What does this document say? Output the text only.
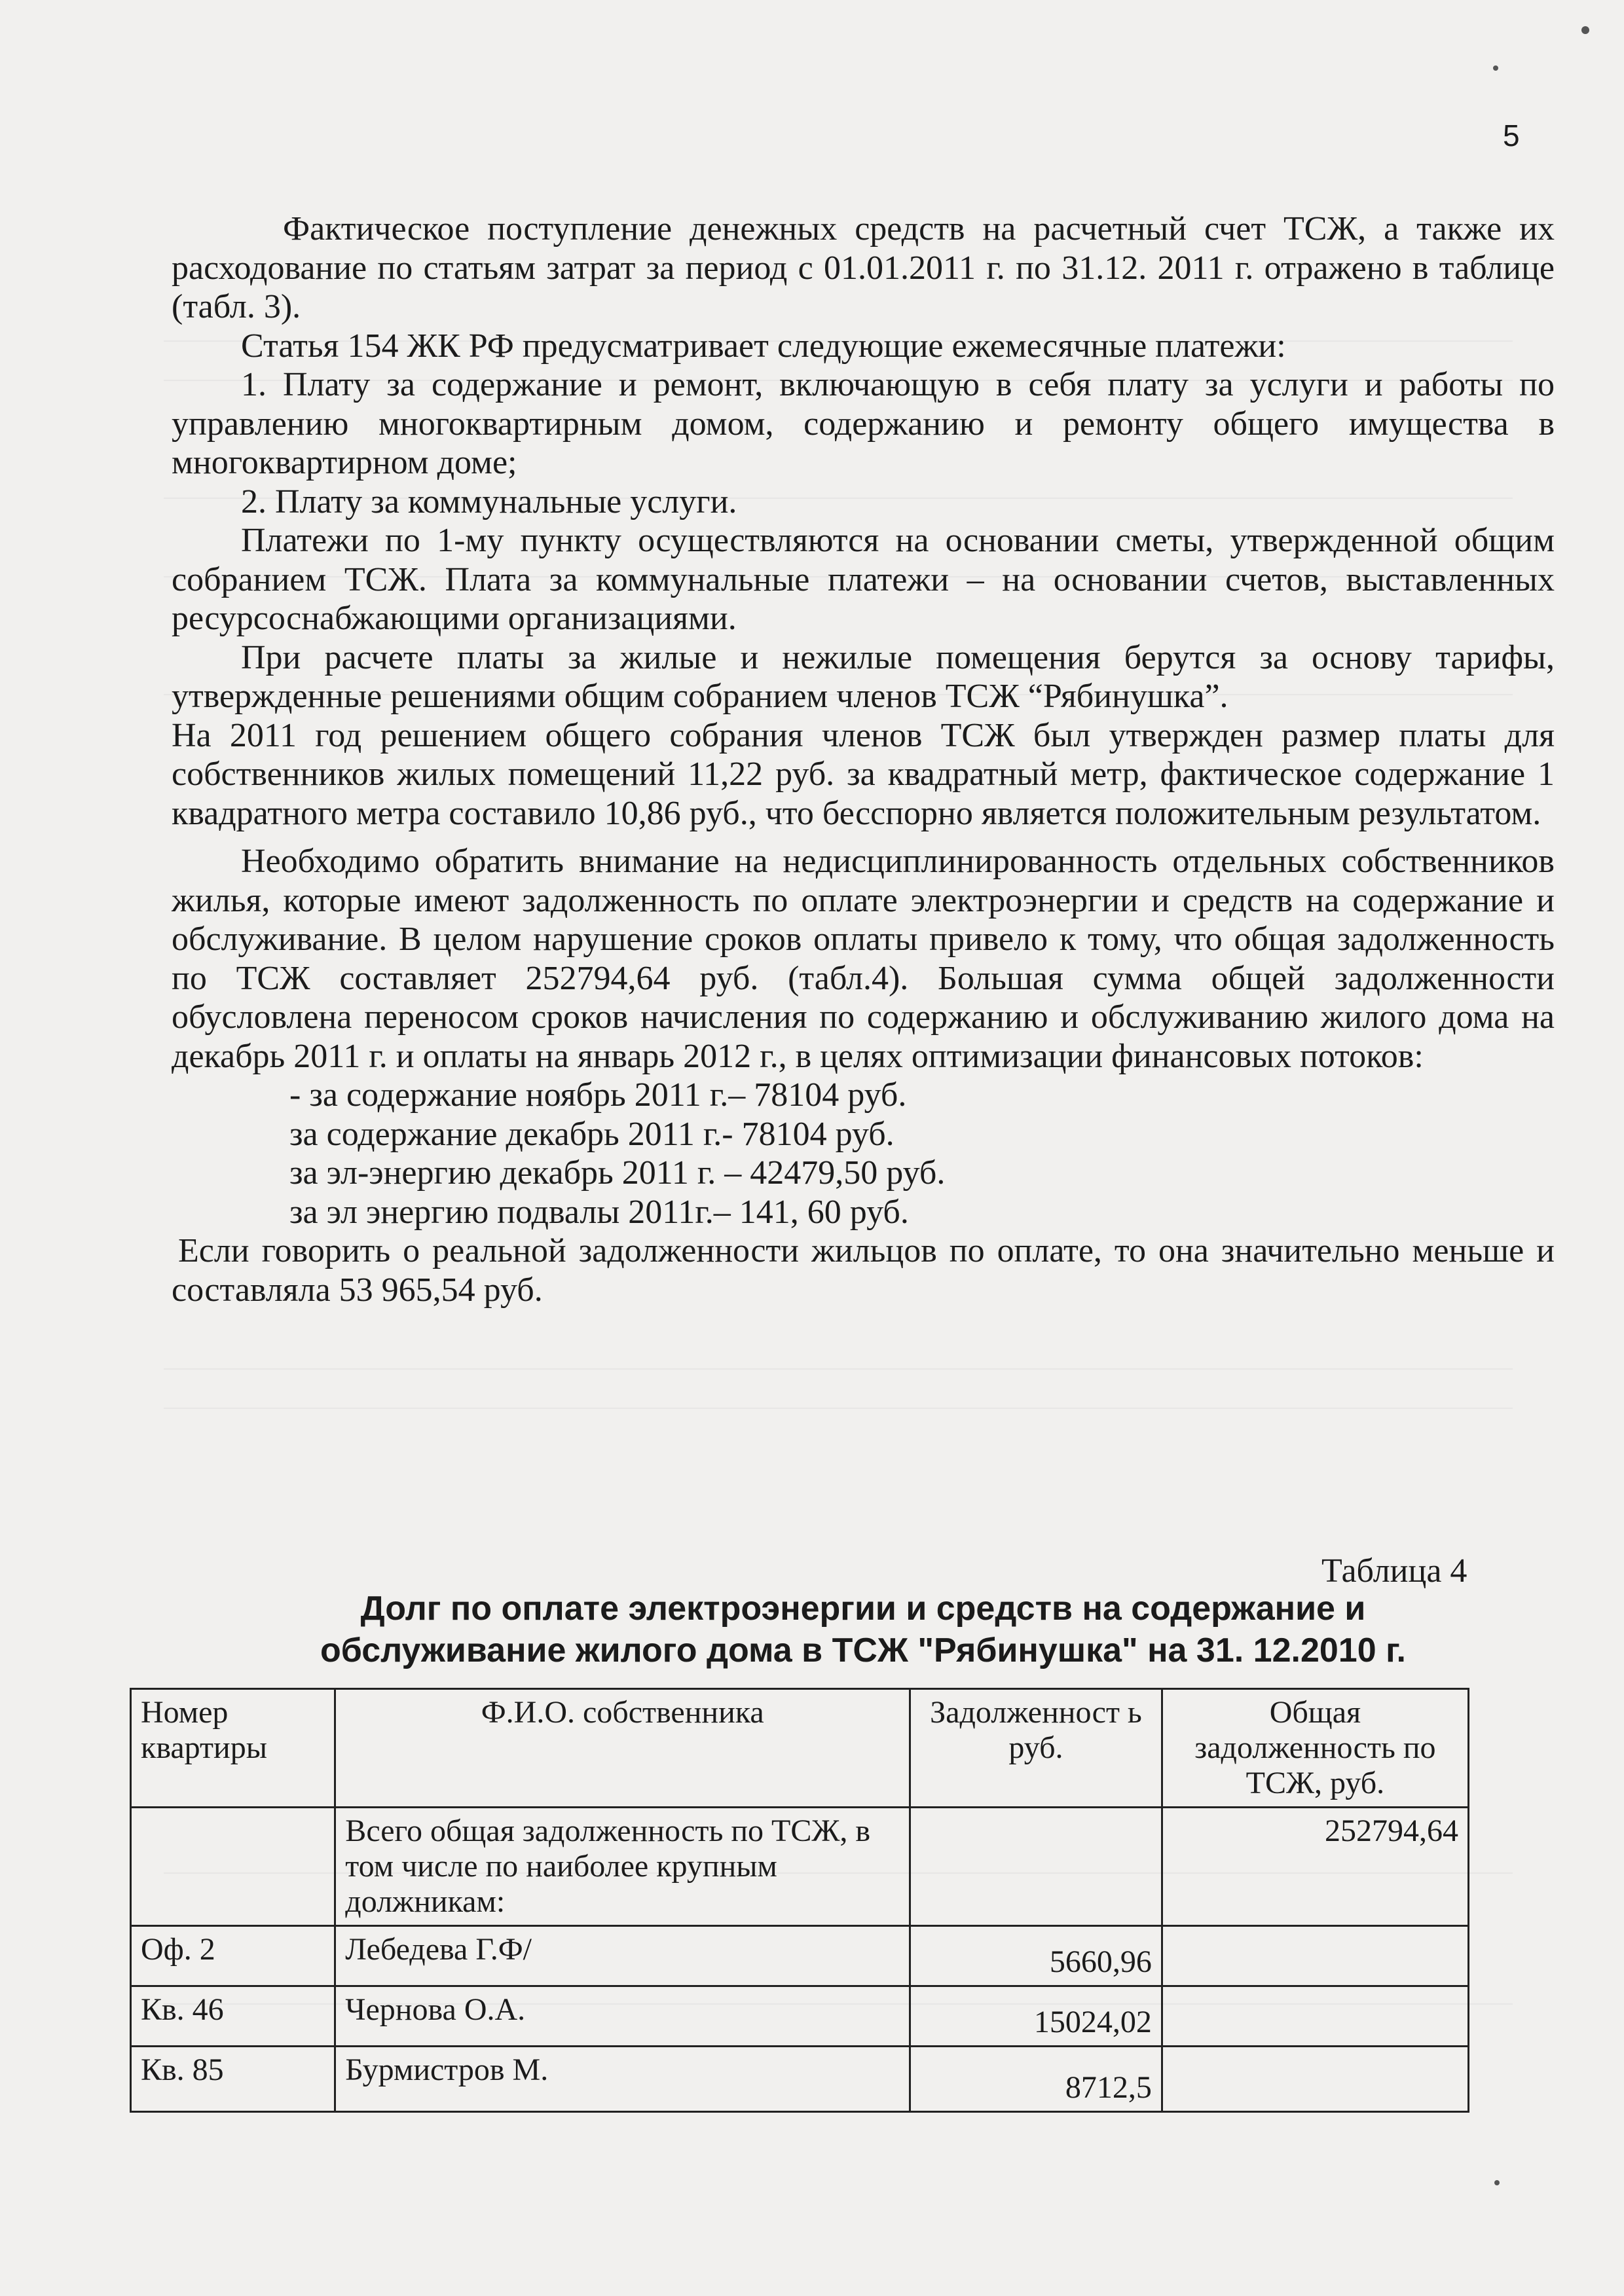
5

Фактическое поступление денежных средств на расчетный счет ТСЖ, а также их расходование по статьям затрат за период с 01.01.2011 г. по 31.12. 2011 г. отражено в таблице (табл. 3).

Статья 154 ЖК РФ предусматривает следующие ежемесячные платежи:

1. Плату за содержание и ремонт, включающую в себя плату за услуги и работы по управлению многоквартирным домом, содержанию и ремонту общего имущества в многоквартирном доме;

2. Плату за коммунальные услуги.

Платежи по 1-му пункту осуществляются на основании сметы, утвержденной общим собранием ТСЖ. Плата за коммунальные платежи – на основании счетов, выставленных ресурсоснабжающими организациями.

При расчете платы за жилые и нежилые помещения берутся за основу тарифы, утвержденные решениями общим собранием членов ТСЖ “Рябинушка”.

На 2011 год решением общего собрания членов ТСЖ был утвержден размер платы для собственников жилых помещений 11,22 руб. за квадратный метр, фактическое содержание 1 квадратного метра составило 10,86 руб., что бесспорно является положительным результатом.

Необходимо обратить внимание на недисциплинированность отдельных собственников жилья, которые имеют задолженность по оплате электроэнергии и средств на содержание и обслуживание. В целом нарушение сроков оплаты привело к тому, что общая задолженность по ТСЖ составляет 252794,64 руб. (табл.4). Большая сумма общей задолженности обусловлена переносом сроков начисления по содержанию и обслуживанию жилого дома на декабрь 2011 г. и оплаты на январь 2012 г., в целях оптимизации финансовых потоков:

- за содержание ноябрь 2011 г.– 78104 руб.

за содержание декабрь 2011 г.- 78104 руб.

за эл-энергию декабрь 2011 г. – 42479,50 руб.

за эл энергию подвалы 2011г.– 141, 60 руб.

Если говорить о реальной задолженности жильцов по оплате, то она значительно меньше и составляла 53 965,54 руб.

Таблица 4
Долг по оплате электроэнергии и средств на содержание и
обслуживание жилого дома в ТСЖ "Рябинушка" на 31. 12.2010 г.
Номер квартиры	Ф.И.О. собственника	Задолженност ь руб.	Общая задолженность по ТСЖ, руб.
	Всего общая задолженность по ТСЖ, в том числе по наиболее крупным должникам:		252794,64
Оф. 2	Лебедева Г.Ф/	5660,96	
Кв. 46	Чернова О.А.	15024,02	
Кв. 85	Бурмистров М.	8712,5	
